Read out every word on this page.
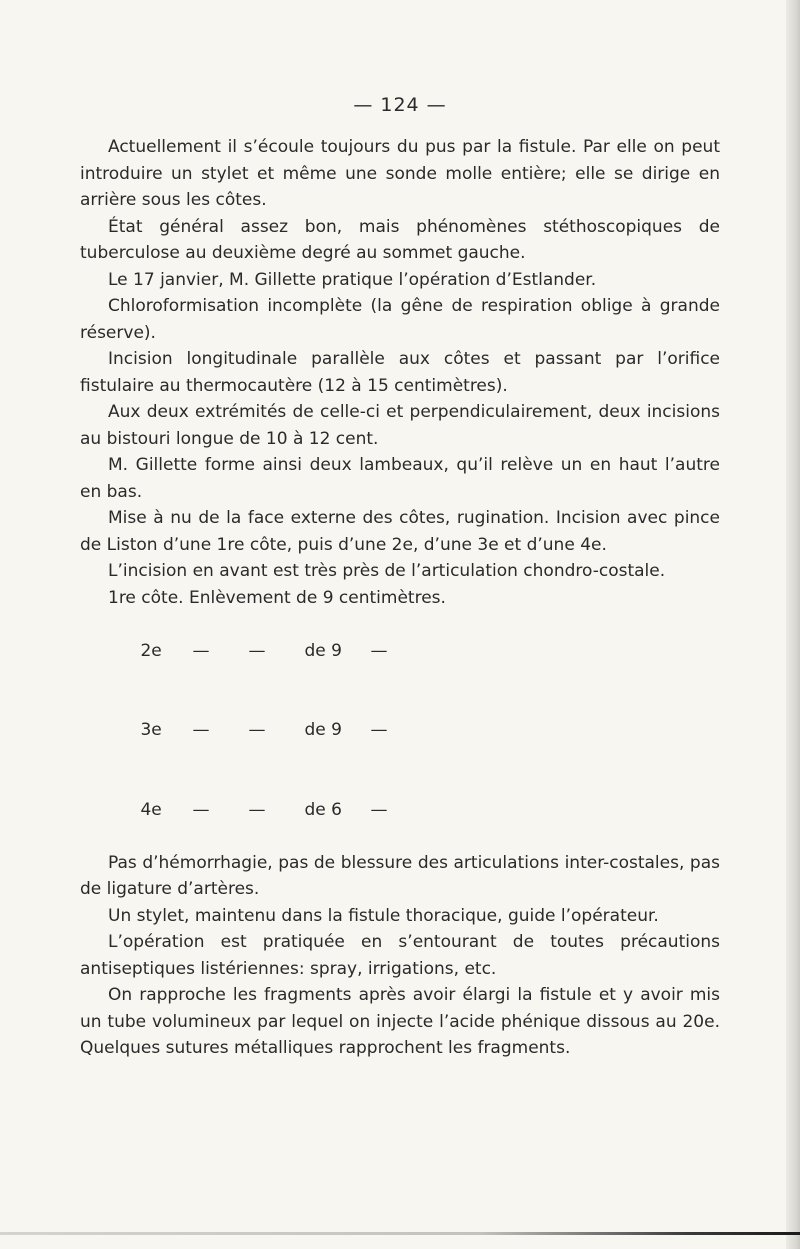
— 124 —

Actuellement il s’écoule toujours du pus par la fistule. Par elle on peut introduire un stylet et même une sonde molle entière; elle se dirige en arrière sous les côtes.

État général assez bon, mais phénomènes stéthoscopiques de tuberculose au deuxième degré au sommet gauche.

Le 17 janvier, M. Gillette pratique l’opération d’Estlander.

Chloroformisation incomplète (la gêne de respiration oblige à grande réserve).

Incision longitudinale parallèle aux côtes et passant par l’orifice fistulaire au thermocautère (12 à 15 centimètres).

Aux deux extrémités de celle-ci et perpendiculairement, deux incisions au bistouri longue de 10 à 12 cent.

M. Gillette forme ainsi deux lambeaux, qu’il relève un en haut l’autre en bas.

Mise à nu de la face externe des côtes, rugination. Incision avec pince de Liston d’une 1re côte, puis d’une 2e, d’une 3e et d’une 4e.

L’incision en avant est très près de l’articulation chondro-costale.

1re côte. Enlèvement de 9 centimètres.

2e — — de 9 —

3e — — de 9 —

4e — — de 6 —

Pas d’hémorrhagie, pas de blessure des articulations inter-costales, pas de ligature d’artères.

Un stylet, maintenu dans la fistule thoracique, guide l’opérateur.

L’opération est pratiquée en s’entourant de toutes précautions antiseptiques listériennes: spray, irrigations, etc.

On rapproche les fragments après avoir élargi la fistule et y avoir mis un tube volumineux par lequel on injecte l’acide phénique dissous au 20e. Quelques sutures métalliques rapprochent les fragments.
